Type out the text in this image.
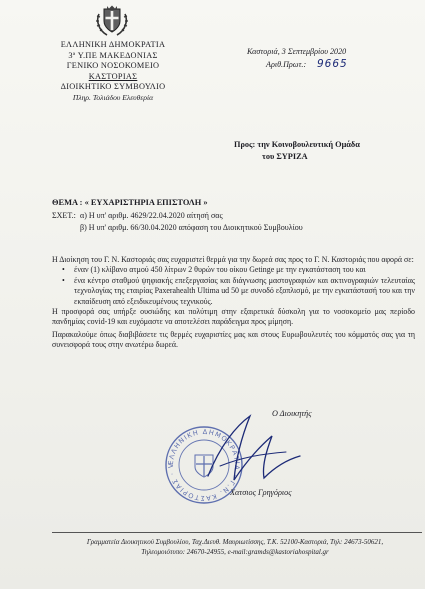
ΕΛΛΗΝΙΚΗ ΔΗΜΟΚΡΑΤΙΑ
3ª Υ.ΠΕ ΜΑΚΕΔΟΝΙΑΣ
ΓΕΝΙΚΟ ΝΟΣΟΚΟΜΕΙΟ
ΚΑΣΤΟΡΙΑΣ
ΔΙΟΙΚΗΤΙΚΟ ΣΥΜΒΟΥΛΙΟ
Πληρ. Τολιάδου Ελευθερία
Καστοριά, 3 Σεπτεμβρίου 2020
Αριθ.Πρωτ.: 9665
Προς: την Κοινοβουλευτική Ομάδα
του ΣΥΡΙΖΑ
ΘΕΜΑ : « ΕΥΧΑΡΙΣΤΗΡΙΑ ΕΠΙΣΤΟΛΗ »
ΣΧΕΤ.: α) Η υπ' αριθμ. 4629/22.04.2020 αίτησή σας
β) Η υπ' αριθμ. 66/30.04.2020 απόφαση του Διοικητικού Συμβουλίου

Η Διοίκηση του Γ. Ν. Καστοριάς σας ευχαριστεί θερμά για την δωρεά σας προς το Γ. Ν. Καστοριάς που αφορά σε:

• έναν (1) κλίβανο ατμού 450 λίτρων 2 θυρών του οίκου Getinge με την εγκατάσταση του και
• ένα κέντρο σταθμού ψηφιακής επεξεργασίας και διάγνωσης μαστογραφιών και ακτινογραφιών τελευταίας τεχνολογίας της εταιρίας Paxerahealth Ultima ud 50 με συνοδό εξοπλισμό, με την εγκατάστασή του και την εκπαίδευση από εξειδικευμένους τεχνικούς.

Η προσφορά σας υπήρξε ουσιώδης και πολύτιμη στην εξαιρετικά δύσκολη για το νοσοκομείο μας περίοδο πανδημίας covid-19 και ευχόμαστε να αποτελέσει παράδειγμα προς μίμηση.

Παρακαλούμε όπως διαβιβάσετε τις θερμές ευχαριστίες μας και στους Ευρωβουλευτές του κόμματός σας για τη συνεισφορά τους στην ανωτέρω δωρεά.

Ο Διοικητής
ΕΛΛΗΝΙΚΗ ΔΗΜΟΚΡΑΤΙΑ · Γ.Ν. ΚΑΣΤΟΡΙΑΣ · V
Χατσιος Γρηγόριος
Γραμματεία Διοικητικού Συμβουλίου, Ταχ.Διευθ. Μαυριωτίσσης, Τ.Κ. 52100-Καστοριά, Τηλ: 24673-50621,
Τηλεομοιότυπο: 24670-24955, e-mail:gramds@kastoriahospital.gr
